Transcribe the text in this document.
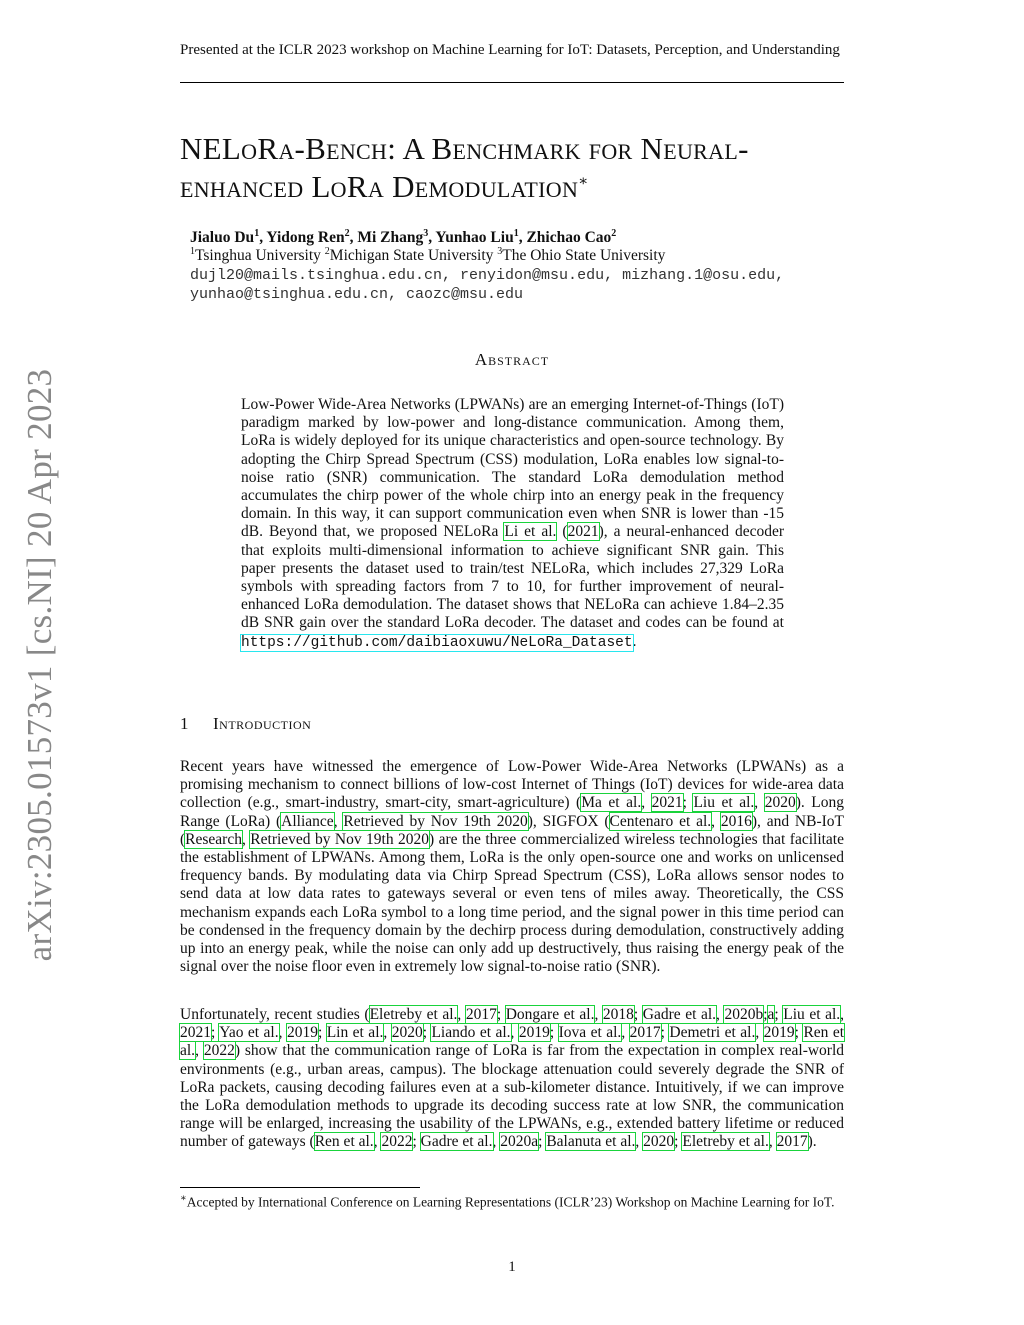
Presented at the ICLR 2023 workshop on Machine Learning for IoT: Datasets, Perception, and Understanding
arXiv:2305.01573v1 [cs.NI] 20 Apr 2023
NELoRa-Bench: A Benchmark for Neural-
enhanced LoRa Demodulation∗
Jialuo Du$^1$, Yidong Ren$^2$, Mi Zhang$^3$, Yunhao Liu$^1$, Zhichao Cao$^2$
$^1$Tsinghua University $^2$Michigan State University $^3$The Ohio State University
dujl20@mails.tsinghua.edu.cn, renyidon@msu.edu, mizhang.1@osu.edu,
yunhao@tsinghua.edu.cn, caozc@msu.edu
Abstract
Low-Power Wide-Area Networks (LPWANs) are an emerging Internet-of-Things (IoT) paradigm marked by low-power and long-distance communication. Among them, LoRa is widely deployed for its unique characteristics and open-source technology. By adopting the Chirp Spread Spectrum (CSS) modulation, LoRa enables low signal-to-noise ratio (SNR) communication. The standard LoRa demodulation method accumulates the chirp power of the whole chirp into an energy peak in the frequency domain. In this way, it can support communication even when SNR is lower than -15 dB. Beyond that, we proposed NELoRa Li et al. (2021), a neural-enhanced decoder that exploits multi-dimensional information to achieve significant SNR gain. This paper presents the dataset used to train/test NELoRa, which includes 27,329 LoRa symbols with spreading factors from 7 to 10, for further improvement of neural-enhanced LoRa demodulation. The dataset shows that NELoRa can achieve 1.84–2.35 dB SNR gain over the standard LoRa decoder. The dataset and codes can be found at https://github.com/daibiaoxuwu/NeLoRa_Dataset.
1 Introduction
Recent years have witnessed the emergence of Low-Power Wide-Area Networks (LPWANs) as a promising mechanism to connect billions of low-cost Internet of Things (IoT) devices for wide-area data collection (e.g., smart-industry, smart-city, smart-agriculture) (Ma et al., 2021; Liu et al., 2020). Long Range (LoRa) (Alliance, Retrieved by Nov 19th 2020), SIGFOX (Centenaro et al., 2016), and NB-IoT (Research, Retrieved by Nov 19th 2020) are the three commercialized wireless technologies that facilitate the establishment of LPWANs. Among them, LoRa is the only open-source one and works on unlicensed frequency bands. By modulating data via Chirp Spread Spectrum (CSS), LoRa allows sensor nodes to send data at low data rates to gateways several or even tens of miles away. Theoretically, the CSS mechanism expands each LoRa symbol to a long time period, and the signal power in this time period can be condensed in the frequency domain by the dechirp process during demodulation, constructively adding up into an energy peak, while the noise can only add up destructively, thus raising the energy peak of the signal over the noise floor even in extremely low signal-to-noise ratio (SNR).
Unfortunately, recent studies (Eletreby et al., 2017; Dongare et al., 2018; Gadre et al., 2020b;a; Liu et al., 2021; Yao et al., 2019; Lin et al., 2020; Liando et al., 2019; Iova et al., 2017; Demetri et al., 2019; Ren et al., 2022) show that the communication range of LoRa is far from the expectation in complex real-world environments (e.g., urban areas, campus). The blockage attenuation could severely degrade the SNR of LoRa packets, causing decoding failures even at a sub-kilometer distance. Intuitively, if we can improve the LoRa demodulation methods to upgrade its decoding success rate at low SNR, the communication range will be enlarged, increasing the usability of the LPWANs, e.g., extended battery lifetime or reduced number of gateways (Ren et al., 2022; Gadre et al., 2020a; Balanuta et al., 2020; Eletreby et al., 2017).
∗Accepted by International Conference on Learning Representations (ICLR’23) Workshop on Machine Learning for IoT.
1
